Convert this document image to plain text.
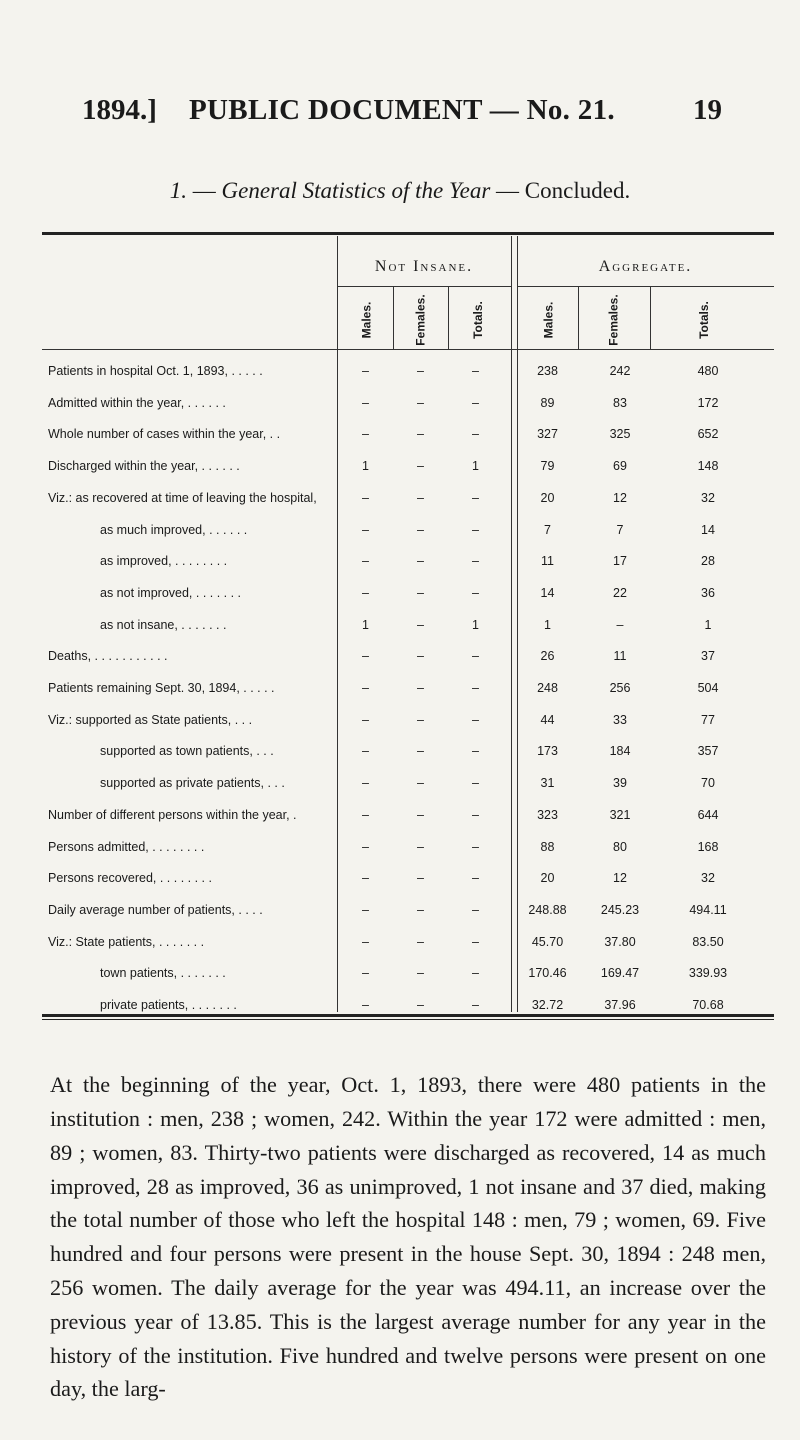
1894.]	PUBLIC DOCUMENT — No. 21.	19
1. — General Statistics of the Year — Concluded.
Not Insane.	Aggregate.
Males.	Females.	Totals.	Males.	Females.	Totals.
Patients in hospital Oct. 1, 1893, . . . . .	–	–	–	238	242	480
Admitted within the year, . . . . . .	–	–	–	89	83	172
Whole number of cases within the year, . .	–	–	–	327	325	652
Discharged within the year, . . . . . .	1	–	1	79	69	148
Viz.: as recovered at time of leaving the hospital,	–	–	–	20	12	32
as much improved, . . . . . .	–	–	–	7	7	14
as improved, . . . . . . . .	–	–	–	11	17	28
as not improved, . . . . . . .	–	–	–	14	22	36
as not insane, . . . . . . .	1	–	1	1	–	1
Deaths, . . . . . . . . . . .	–	–	–	26	11	37
Patients remaining Sept. 30, 1894, . . . . .	–	–	–	248	256	504
Viz.: supported as State patients, . . .	–	–	–	44	33	77
supported as town patients, . . .	–	–	–	173	184	357
supported as private patients, . . .	–	–	–	31	39	70
Number of different persons within the year, .	–	–	–	323	321	644
Persons admitted, . . . . . . . .	–	–	–	88	80	168
Persons recovered, . . . . . . . .	–	–	–	20	12	32
Daily average number of patients, . . . .	–	–	–	248.88	245.23	494.11
Viz.: State patients, . . . . . . .	–	–	–	45.70	37.80	83.50
town patients, . . . . . . .	–	–	–	170.46	169.47	339.93
private patients, . . . . . . .	–	–	–	32.72	37.96	70.68

At the beginning of the year, Oct. 1, 1893, there were 480 patients in the institution : men, 238 ; women, 242. Within the year 172 were admitted : men, 89 ; women, 83. Thirty-two patients were discharged as recovered, 14 as much improved, 28 as improved, 36 as unimproved, 1 not insane and 37 died, making the total number of those who left the hospital 148 : men, 79 ; women, 69. Five hundred and four persons were present in the house Sept. 30, 1894 : 248 men, 256 women. The daily average for the year was 494.11, an increase over the previous year of 13.85. This is the largest average number for any year in the history of the institution. Five hundred and twelve persons were present on one day, the larg-
